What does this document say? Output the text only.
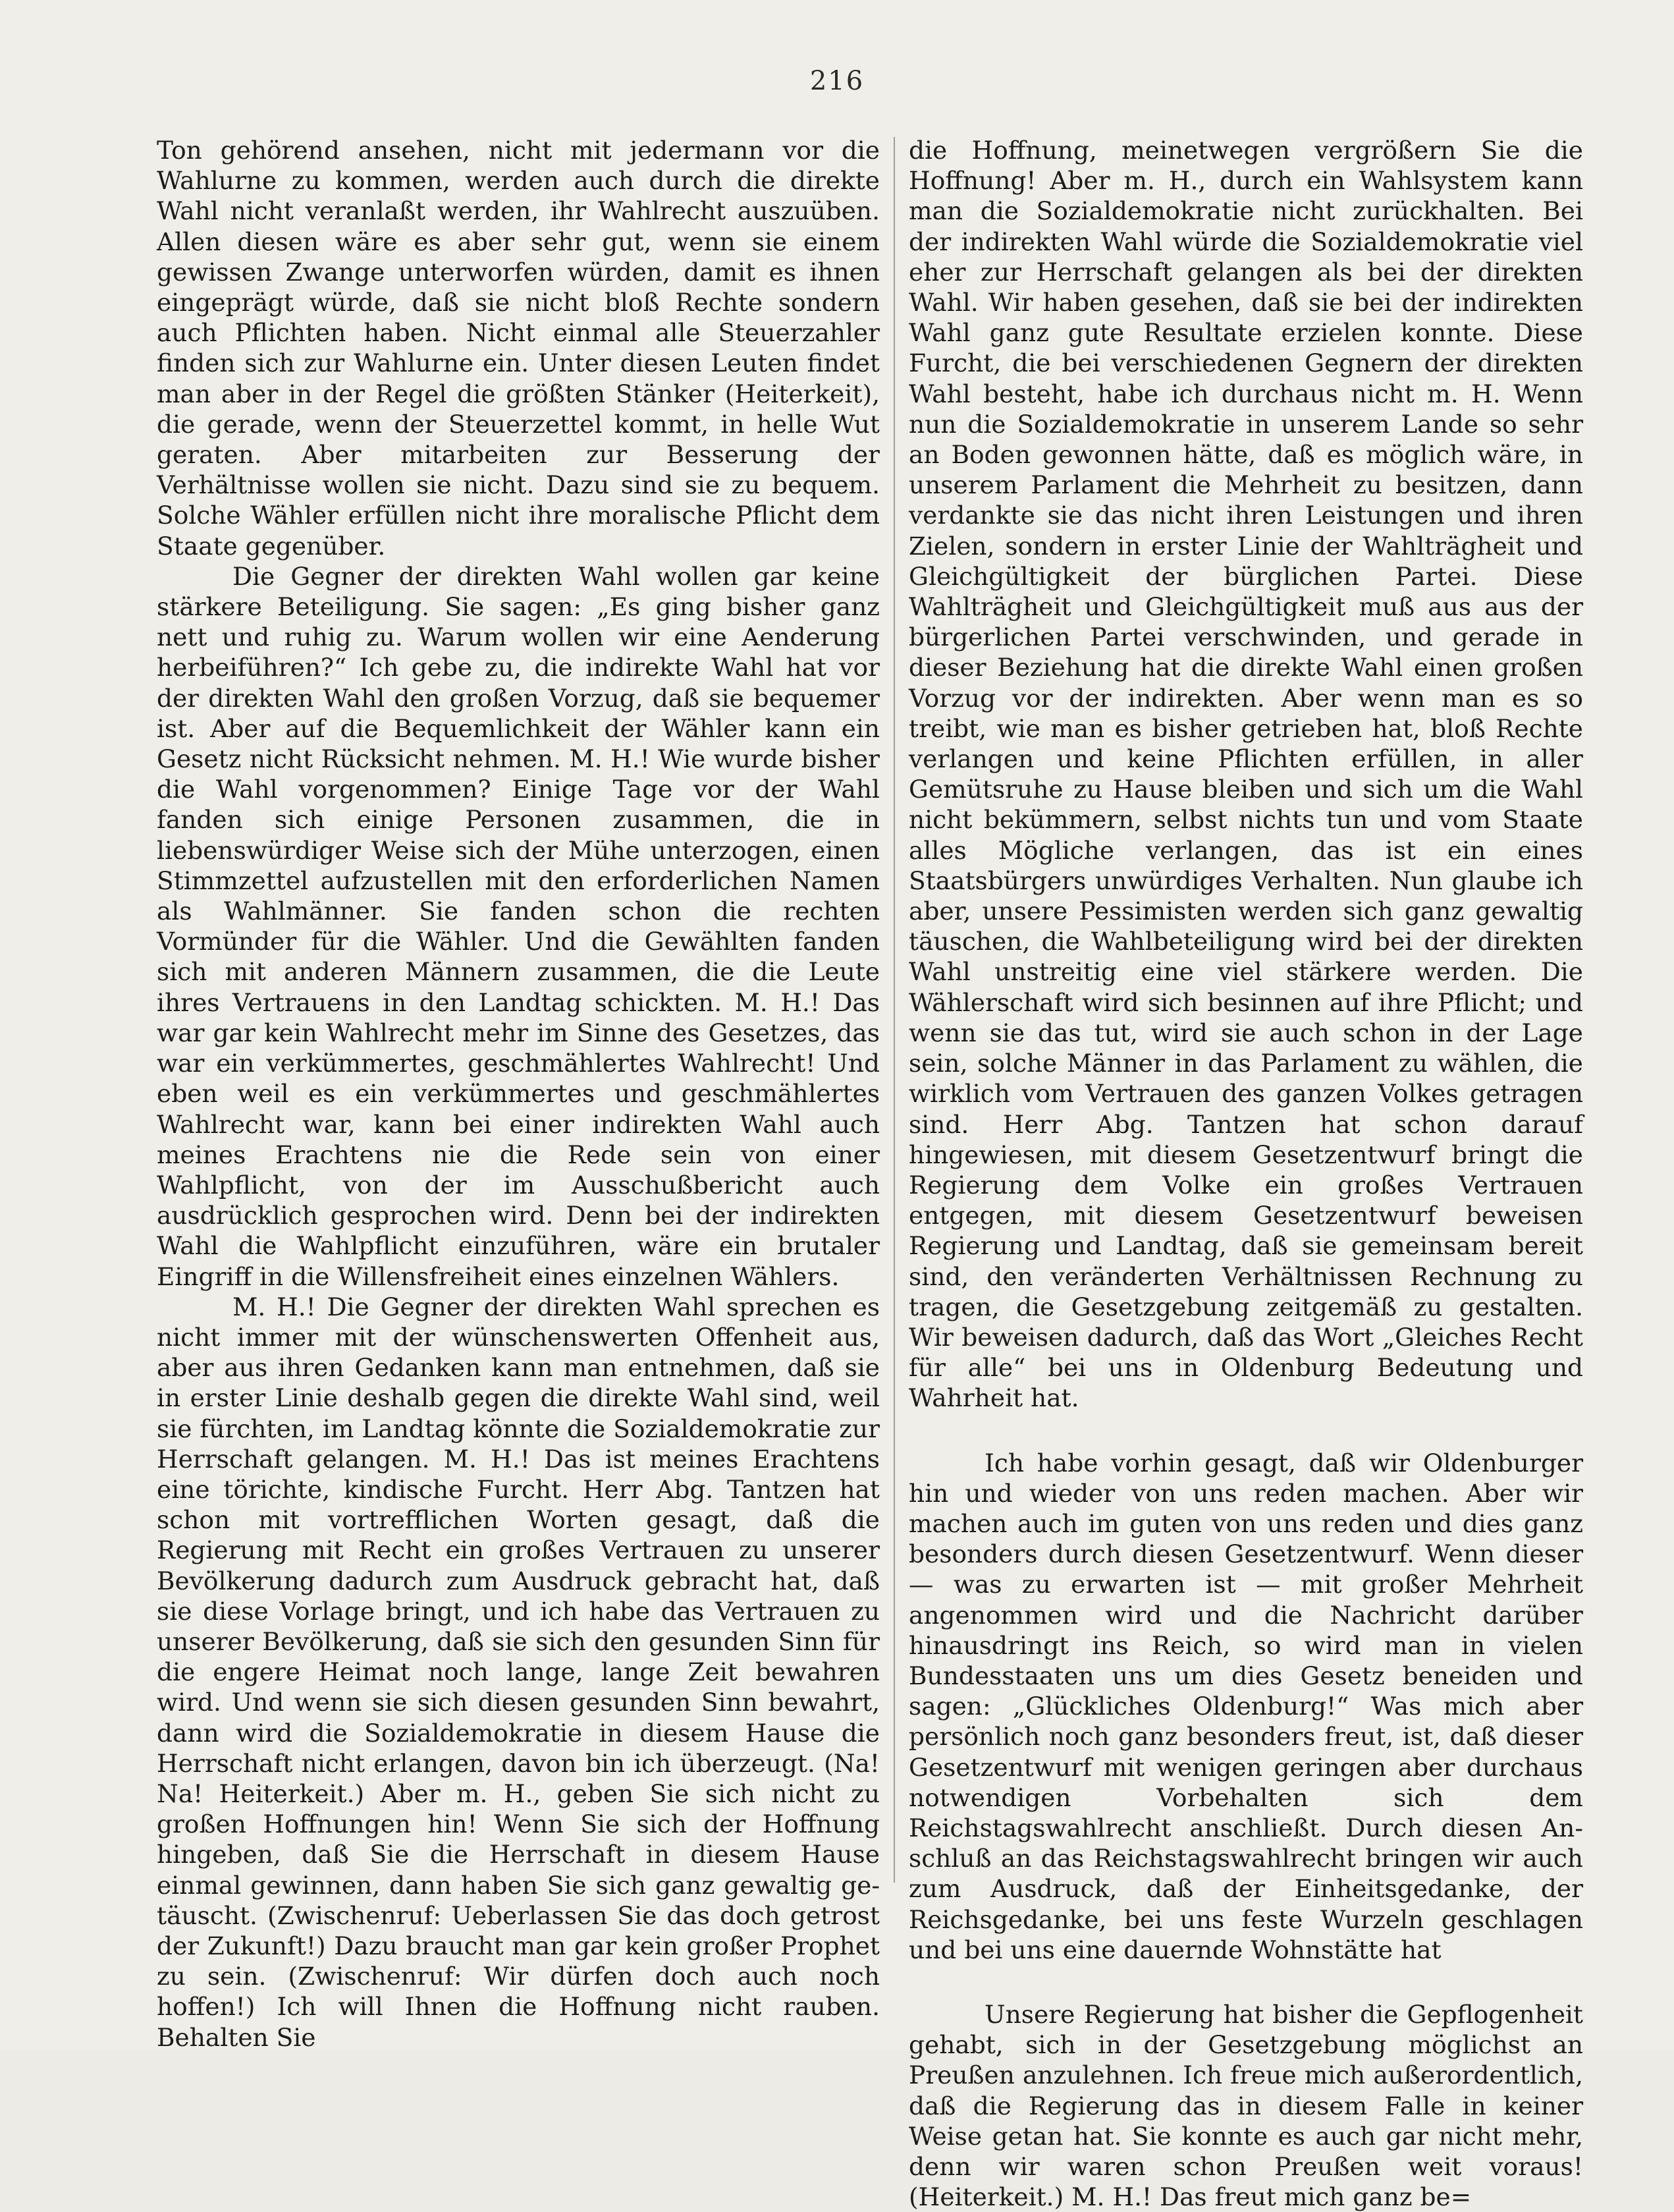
216

Ton gehörend ansehen, nicht mit jedermann vor die Wahlurne zu kommen, werden auch durch die direkte Wahl nicht veranlaßt werden, ihr Wahlrecht auszuüben. Allen diesen wäre es aber sehr gut, wenn sie einem gewissen Zwange unterworfen würden, damit es ihnen eingeprägt würde, daß sie nicht bloß Rechte sondern auch Pflichten haben. Nicht einmal alle Steuerzahler finden sich zur Wahlurne ein. Unter diesen Leuten findet man aber in der Regel die größten Stänker (Heiterkeit), die gerade, wenn der Steuerzettel kommt, in helle Wut geraten. Aber mitarbeiten zur Besserung der Verhältnisse wollen sie nicht. Dazu sind sie zu bequem. Solche Wähler erfüllen nicht ihre moralische Pflicht dem Staate gegenüber.

Die Gegner der direkten Wahl wollen gar keine stärkere Beteiligung. Sie sagen: „Es ging bisher ganz nett und ruhig zu. Warum wollen wir eine Aenderung herbeiführen?“ Ich gebe zu, die indirekte Wahl hat vor der direkten Wahl den großen Vorzug, daß sie bequemer ist. Aber auf die Bequemlichkeit der Wähler kann ein Gesetz nicht Rücksicht nehmen. M. H.! Wie wurde bisher die Wahl vorgenommen? Einige Tage vor der Wahl fanden sich einige Personen zusammen, die in liebenswürdiger Weise sich der Mühe unterzogen, einen Stimmzettel aufzustellen mit den erforderlichen Namen als Wahlmänner. Sie fanden schon die rechten Vormünder für die Wähler. Und die Gewählten fanden sich mit anderen Männern zusammen, die die Leute ihres Vertrauens in den Landtag schickten. M. H.! Das war gar kein Wahlrecht mehr im Sinne des Gesetzes, das war ein verkümmertes, geschmählertes Wahlrecht! Und eben weil es ein verkümmertes und geschmählertes Wahlrecht war, kann bei einer indirekten Wahl auch meines Erachtens nie die Rede sein von einer Wahlpflicht, von der im Ausschußbericht auch ausdrücklich gesprochen wird. Denn bei der indirekten Wahl die Wahlpflicht einzuführen, wäre ein brutaler Eingriff in die Willensfreiheit eines einzelnen Wählers.

M. H.! Die Gegner der direkten Wahl sprechen es nicht immer mit der wünschenswerten Offenheit aus, aber aus ihren Gedanken kann man entnehmen, daß sie in erster Linie deshalb gegen die direkte Wahl sind, weil sie fürchten, im Landtag könnte die Sozialdemokratie zur Herrschaft gelangen. M. H.! Das ist meines Erachtens eine törichte, kindische Furcht. Herr Abg. Tantzen hat schon mit vortrefflichen Worten gesagt, daß die Regierung mit Recht ein großes Vertrauen zu unserer Bevölkerung dadurch zum Ausdruck gebracht hat, daß sie diese Vorlage bringt, und ich habe das Vertrauen zu unserer Bevölkerung, daß sie sich den gesunden Sinn für die engere Heimat noch lange, lange Zeit bewahren wird. Und wenn sie sich diesen gesunden Sinn bewahrt, dann wird die Sozialdemokratie in diesem Hause die Herrschaft nicht erlangen, davon bin ich überzeugt. (Na! Na! Heiterkeit.) Aber m. H., geben Sie sich nicht zu großen Hoffnungen hin! Wenn Sie sich der Hoffnung hingeben, daß Sie die Herrschaft in diesem Hause einmal gewinnen, dann haben Sie sich ganz gewaltig getäuscht. (Zwischenruf: Ueberlassen Sie das doch getrost der Zukunft!) Dazu braucht man gar kein großer Prophet zu sein. (Zwischenruf: Wir dürfen doch auch noch hoffen!) Ich will Ihnen die Hoffnung nicht rauben. Behalten Sie

die Hoffnung, meinetwegen vergrößern Sie die Hoffnung! Aber m. H., durch ein Wahlsystem kann man die Sozialdemokratie nicht zurückhalten. Bei der indirekten Wahl würde die Sozialdemokratie viel eher zur Herrschaft gelangen als bei der direkten Wahl. Wir haben gesehen, daß sie bei der indirekten Wahl ganz gute Resultate erzielen konnte. Diese Furcht, die bei verschiedenen Gegnern der direkten Wahl besteht, habe ich durchaus nicht m. H. Wenn nun die Sozialdemokratie in unserem Lande so sehr an Boden gewonnen hätte, daß es möglich wäre, in unserem Parlament die Mehrheit zu besitzen, dann verdankte sie das nicht ihren Leistungen und ihren Zielen, sondern in erster Linie der Wahlträgheit und Gleichgültigkeit der bürglichen Partei. Diese Wahlträgheit und Gleichgültigkeit muß aus aus der bürgerlichen Partei verschwinden, und gerade in dieser Beziehung hat die direkte Wahl einen großen Vorzug vor der indirekten. Aber wenn man es so treibt, wie man es bisher getrieben hat, bloß Rechte verlangen und keine Pflichten erfüllen, in aller Gemütsruhe zu Hause bleiben und sich um die Wahl nicht bekümmern, selbst nichts tun und vom Staate alles Mögliche verlangen, das ist ein eines Staatsbürgers unwürdiges Verhalten. Nun glaube ich aber, unsere Pessimisten werden sich ganz gewaltig täuschen, die Wahlbeteiligung wird bei der direkten Wahl unstreitig eine viel stärkere werden. Die Wählerschaft wird sich besinnen auf ihre Pflicht; und wenn sie das tut, wird sie auch schon in der Lage sein, solche Männer in das Parlament zu wählen, die wirklich vom Vertrauen des ganzen Volkes getragen sind. Herr Abg. Tantzen hat schon darauf hingewiesen, mit diesem Gesetzentwurf bringt die Regierung dem Volke ein großes Vertrauen entgegen, mit diesem Gesetzentwurf beweisen Regierung und Landtag, daß sie gemeinsam bereit sind, den veränderten Verhältnissen Rechnung zu tragen, die Gesetzgebung zeitgemäß zu gestalten. Wir beweisen dadurch, daß das Wort „Gleiches Recht für alle“ bei uns in Oldenburg Bedeutung und Wahrheit hat.

Ich habe vorhin gesagt, daß wir Oldenburger hin und wieder von uns reden machen. Aber wir machen auch im guten von uns reden und dies ganz besonders durch diesen Gesetzentwurf. Wenn dieser — was zu erwarten ist — mit großer Mehrheit angenommen wird und die Nachricht darüber hinausdringt ins Reich, so wird man in vielen Bundesstaaten uns um dies Gesetz beneiden und sagen: „Glückliches Oldenburg!“ Was mich aber persönlich noch ganz besonders freut, ist, daß dieser Gesetzentwurf mit wenigen geringen aber durchaus notwendigen Vorbehalten sich dem Reichstagswahlrecht anschließt. Durch diesen Anschluß an das Reichstagswahlrecht bringen wir auch zum Ausdruck, daß der Einheitsgedanke, der Reichsgedanke, bei uns feste Wurzeln geschlagen und bei uns eine dauernde Wohnstätte hat

Unsere Regierung hat bisher die Gepflogenheit gehabt, sich in der Gesetzgebung möglichst an Preußen anzulehnen. Ich freue mich außerordentlich, daß die Regierung das in diesem Falle in keiner Weise getan hat. Sie konnte es auch gar nicht mehr, denn wir waren schon Preußen weit voraus! (Heiterkeit.) M. H.! Das freut mich ganz be=
